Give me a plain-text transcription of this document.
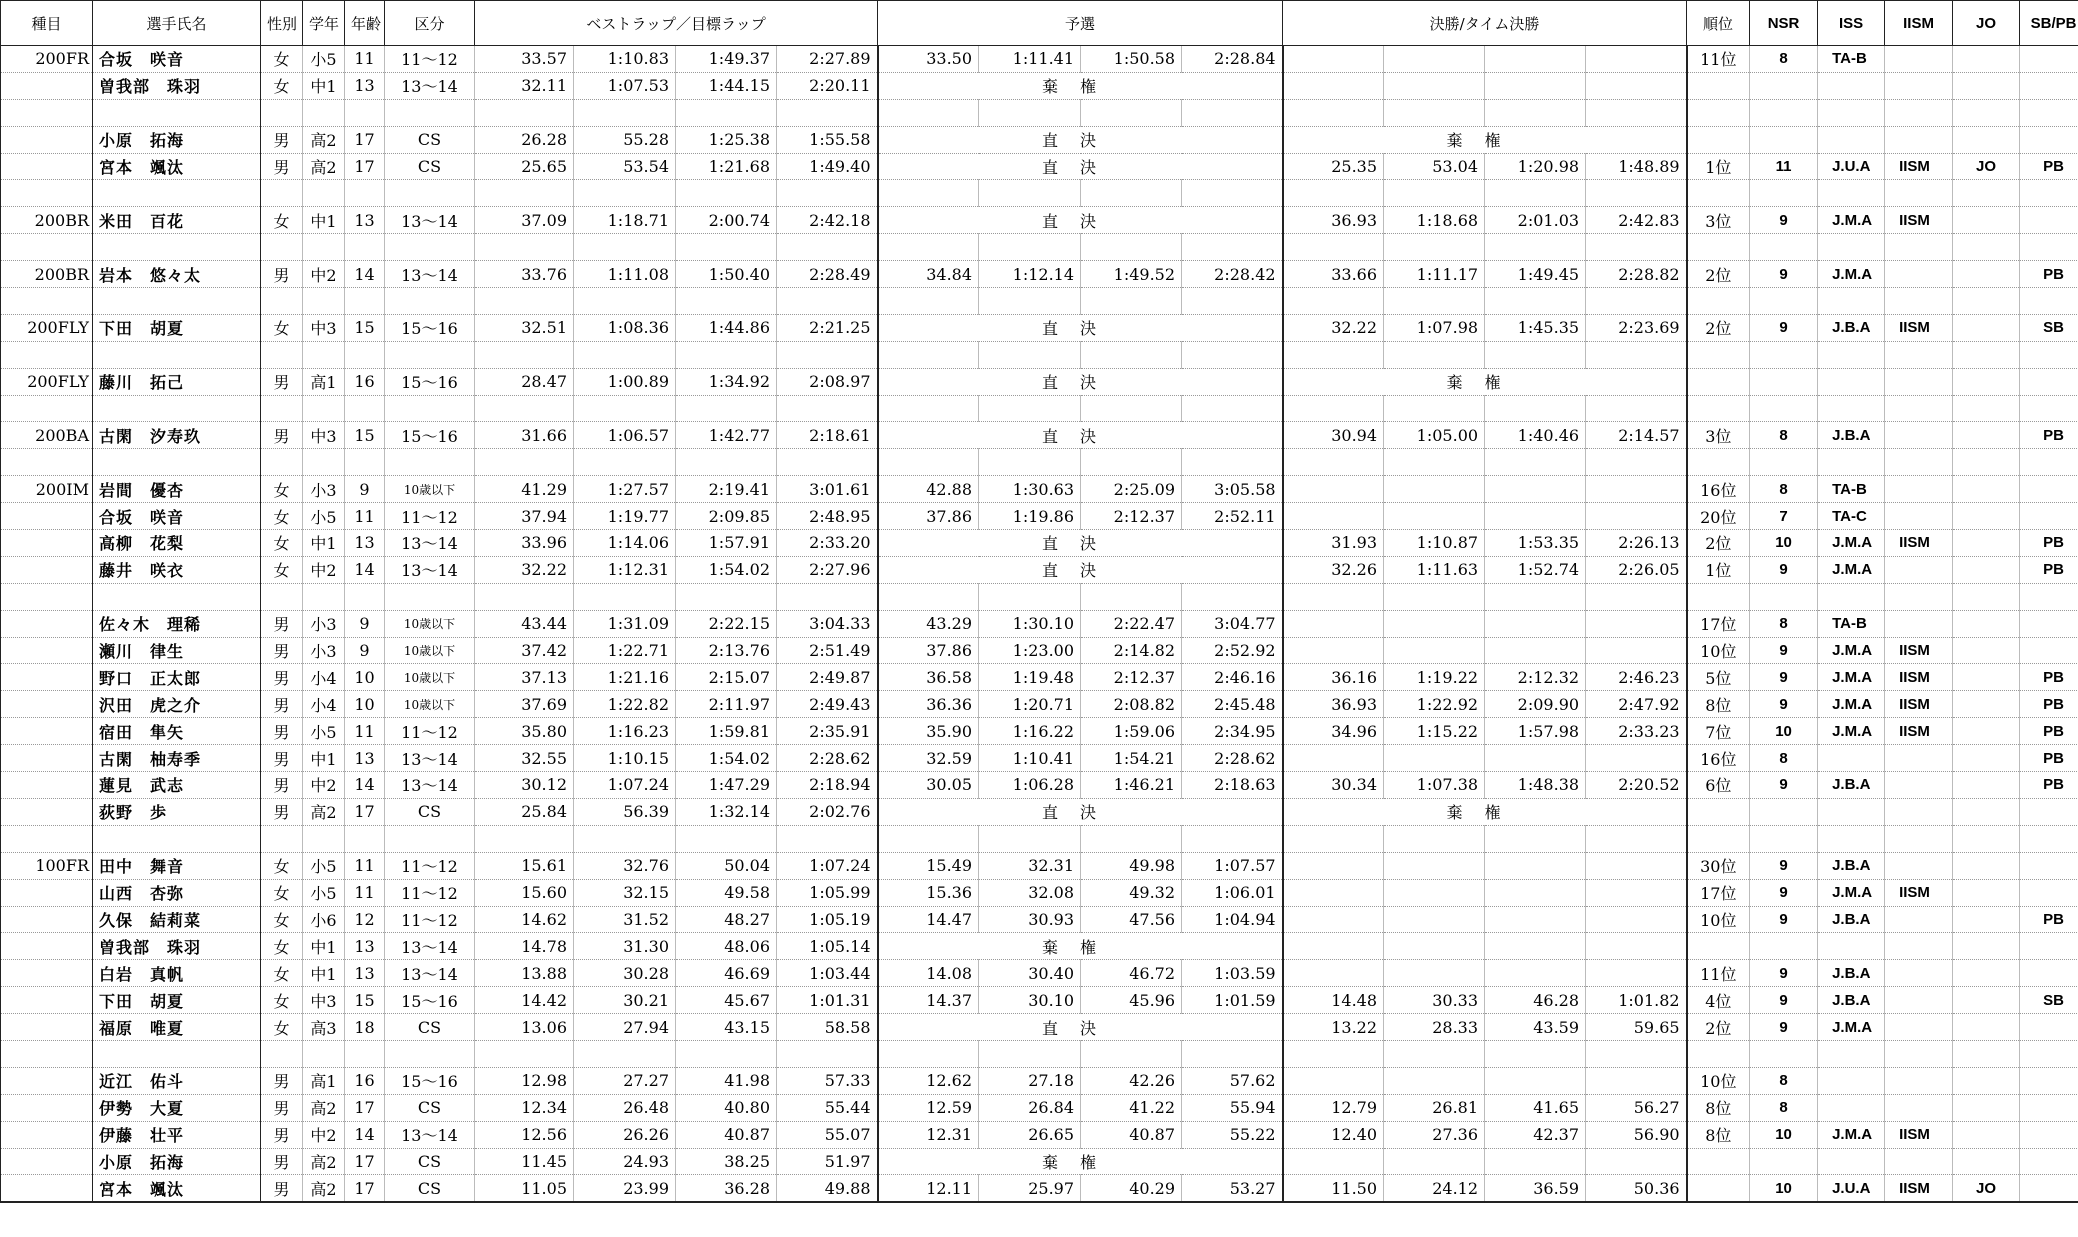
種目	選手氏名	性別	学年	年齢	区分	ベストラップ／目標ラップ				予選				決勝/タイム決勝				順位	NSR	ISS	IISM	JO	SB/PB
200FR	合坂　咲音	女	小5	11	11～12	33.57	1:10.83	1:49.37	2:27.89	33.50	1:11.41	1:50.58	2:28.84					11位	8	TA-B			
	曽我部　珠羽	女	中1	13	13～14	32.11	1:07.53	1:44.15	2:20.11	棄権													

	小原　拓海	男	高2	17	CS	26.28	55.28	1:25.38	1:55.58	直決				棄権									
	宮本　颯汰	男	高2	17	CS	25.65	53.54	1:21.68	1:49.40	直決				25.35	53.04	1:20.98	1:48.89	1位	11	J.U.A	IISM	JO	PB

200BR	米田　百花	女	中1	13	13～14	37.09	1:18.71	2:00.74	2:42.18	直決				36.93	1:18.68	2:01.03	2:42.83	3位	9	J.M.A	IISM		

200BR	岩本　悠々太	男	中2	14	13～14	33.76	1:11.08	1:50.40	2:28.49	34.84	1:12.14	1:49.52	2:28.42	33.66	1:11.17	1:49.45	2:28.82	2位	9	J.M.A			PB

200FLY	下田　胡夏	女	中3	15	15～16	32.51	1:08.36	1:44.86	2:21.25	直決				32.22	1:07.98	1:45.35	2:23.69	2位	9	J.B.A	IISM		SB

200FLY	藤川　拓己	男	高1	16	15～16	28.47	1:00.89	1:34.92	2:08.97	直決				棄権									

200BA	古閑　汐寿玖	男	中3	15	15～16	31.66	1:06.57	1:42.77	2:18.61	直決				30.94	1:05.00	1:40.46	2:14.57	3位	8	J.B.A			PB

200IM	岩間　優杏	女	小3	9	10歳以下	41.29	1:27.57	2:19.41	3:01.61	42.88	1:30.63	2:25.09	3:05.58					16位	8	TA-B			
	合坂　咲音	女	小5	11	11～12	37.94	1:19.77	2:09.85	2:48.95	37.86	1:19.86	2:12.37	2:52.11					20位	7	TA-C			
	高柳　花梨	女	中1	13	13～14	33.96	1:14.06	1:57.91	2:33.20	直決				31.93	1:10.87	1:53.35	2:26.13	2位	10	J.M.A	IISM		PB
	藤井　咲衣	女	中2	14	13～14	32.22	1:12.31	1:54.02	2:27.96	直決				32.26	1:11.63	1:52.74	2:26.05	1位	9	J.M.A			PB

	佐々木　理稀	男	小3	9	10歳以下	43.44	1:31.09	2:22.15	3:04.33	43.29	1:30.10	2:22.47	3:04.77					17位	8	TA-B			
	瀬川　律生	男	小3	9	10歳以下	37.42	1:22.71	2:13.76	2:51.49	37.86	1:23.00	2:14.82	2:52.92					10位	9	J.M.A	IISM		
	野口　正太郎	男	小4	10	10歳以下	37.13	1:21.16	2:15.07	2:49.87	36.58	1:19.48	2:12.37	2:46.16	36.16	1:19.22	2:12.32	2:46.23	5位	9	J.M.A	IISM		PB
	沢田　虎之介	男	小4	10	10歳以下	37.69	1:22.82	2:11.97	2:49.43	36.36	1:20.71	2:08.82	2:45.48	36.93	1:22.92	2:09.90	2:47.92	8位	9	J.M.A	IISM		PB
	宿田　隼矢	男	小5	11	11～12	35.80	1:16.23	1:59.81	2:35.91	35.90	1:16.22	1:59.06	2:34.95	34.96	1:15.22	1:57.98	2:33.23	7位	10	J.M.A	IISM		PB
	古閑　柚寿季	男	中1	13	13～14	32.55	1:10.15	1:54.02	2:28.62	32.59	1:10.41	1:54.21	2:28.62					16位	8				PB
	蓮見　武志	男	中2	14	13～14	30.12	1:07.24	1:47.29	2:18.94	30.05	1:06.28	1:46.21	2:18.63	30.34	1:07.38	1:48.38	2:20.52	6位	9	J.B.A			PB
	荻野　歩	男	高2	17	CS	25.84	56.39	1:32.14	2:02.76	直決				棄権									

100FR	田中　舞音	女	小5	11	11～12	15.61	32.76	50.04	1:07.24	15.49	32.31	49.98	1:07.57					30位	9	J.B.A			
	山西　杏弥	女	小5	11	11～12	15.60	32.15	49.58	1:05.99	15.36	32.08	49.32	1:06.01					17位	9	J.M.A	IISM		
	久保　結莉菜	女	小6	12	11～12	14.62	31.52	48.27	1:05.19	14.47	30.93	47.56	1:04.94					10位	9	J.B.A			PB
	曽我部　珠羽	女	中1	13	13～14	14.78	31.30	48.06	1:05.14	棄権													
	白岩　真帆	女	中1	13	13～14	13.88	30.28	46.69	1:03.44	14.08	30.40	46.72	1:03.59					11位	9	J.B.A			
	下田　胡夏	女	中3	15	15～16	14.42	30.21	45.67	1:01.31	14.37	30.10	45.96	1:01.59	14.48	30.33	46.28	1:01.82	4位	9	J.B.A			SB
	福原　唯夏	女	高3	18	CS	13.06	27.94	43.15	58.58	直決				13.22	28.33	43.59	59.65	2位	9	J.M.A			

	近江　佑斗	男	高1	16	15～16	12.98	27.27	41.98	57.33	12.62	27.18	42.26	57.62					10位	8				
	伊勢　大夏	男	高2	17	CS	12.34	26.48	40.80	55.44	12.59	26.84	41.22	55.94	12.79	26.81	41.65	56.27	8位	8				
	伊藤　壮平	男	中2	14	13～14	12.56	26.26	40.87	55.07	12.31	26.65	40.87	55.22	12.40	27.36	42.37	56.90	8位	10	J.M.A	IISM		
	小原　拓海	男	高2	17	CS	11.45	24.93	38.25	51.97	棄権													
	宮本　颯汰	男	高2	17	CS	11.05	23.99	36.28	49.88	12.11	25.97	40.29	53.27	11.50	24.12	36.59	50.36		10	J.U.A	IISM	JO	
